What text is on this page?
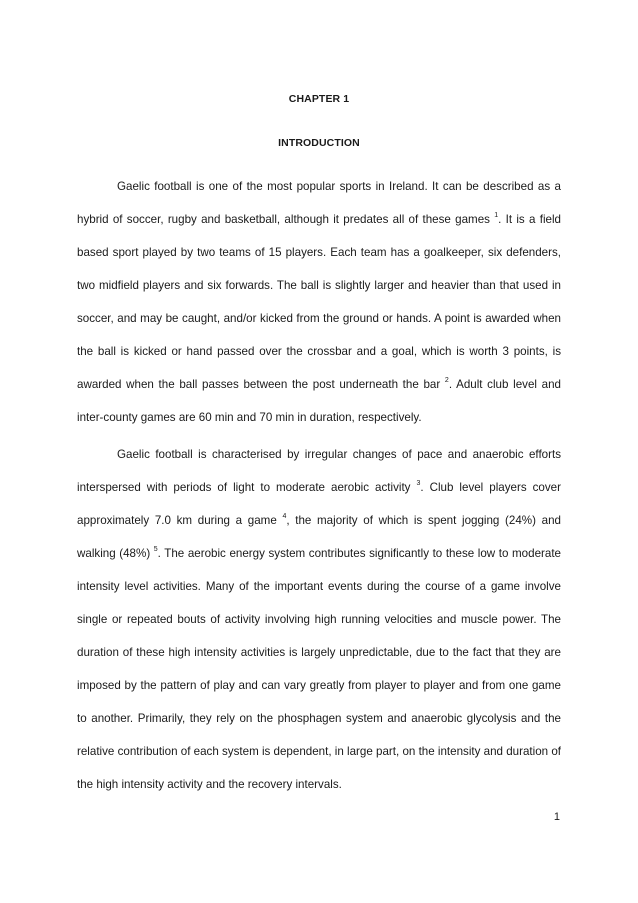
CHAPTER 1
INTRODUCTION

Gaelic football is one of the most popular sports in Ireland. It can be described as a hybrid of soccer, rugby and basketball, although it predates all of these games $^1$. It is a field based sport played by two teams of 15 players. Each team has a goalkeeper, six defenders, two midfield players and six forwards. The ball is slightly larger and heavier than that used in soccer, and may be caught, and/or kicked from the ground or hands. A point is awarded when the ball is kicked or hand passed over the crossbar and a goal, which is worth 3 points, is awarded when the ball passes between the post underneath the bar $^2$. Adult club level and inter-county games are 60 min and 70 min in duration, respectively.

Gaelic football is characterised by irregular changes of pace and anaerobic efforts interspersed with periods of light to moderate aerobic activity $^3$. Club level players cover approximately 7.0 km during a game $^4$, the majority of which is spent jogging (24%) and walking (48%) $^5$. The aerobic energy system contributes significantly to these low to moderate intensity level activities. Many of the important events during the course of a game involve single or repeated bouts of activity involving high running velocities and muscle power. The duration of these high intensity activities is largely unpredictable, due to the fact that they are imposed by the pattern of play and can vary greatly from player to player and from one game to another. Primarily, they rely on the phosphagen system and anaerobic glycolysis and the relative contribution of each system is dependent, in large part, on the intensity and duration of the high intensity activity and the recovery intervals.

1
